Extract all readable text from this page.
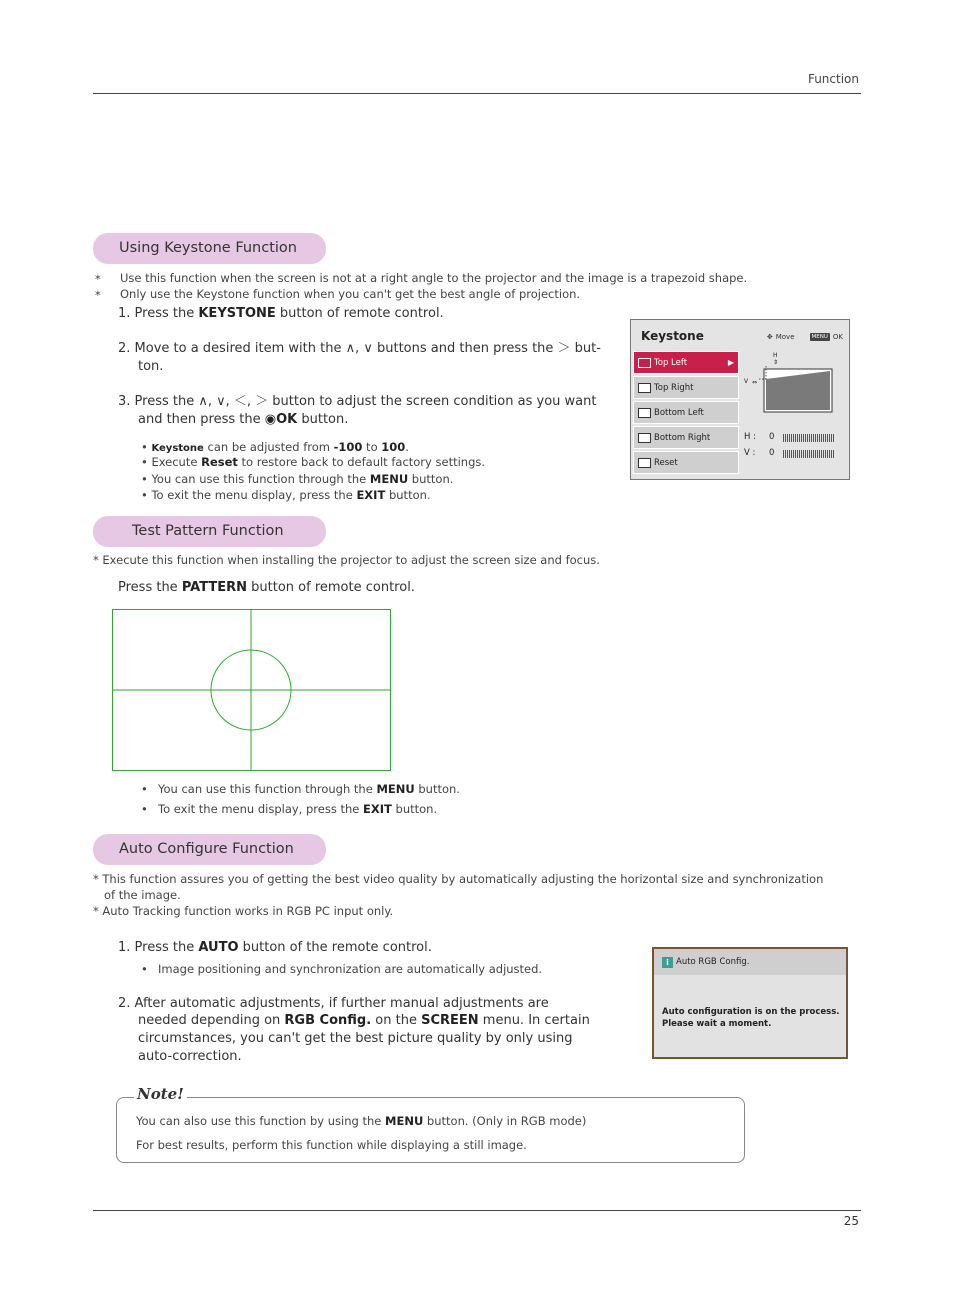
Function
Using Keystone Function
* Use this function when the screen is not at a right angle to the projector and the image is a trapezoid shape.
* Only use the Keystone function when you can't get the best angle of projection.
1. Press the KEYSTONE button of remote control.
2. Move to a desired item with the ∧, ∨ buttons and then press the ＞ but-
ton.
3. Press the ∧, ∨, ＜, ＞ button to adjust the screen condition as you want
and then press the ◉OK button.
• Keystone can be adjusted from -100 to 100.
• Execute Reset to restore back to default factory settings.
• You can use this function through the MENU button.
• To exit the menu display, press the EXIT button.
Keystone	✥ Move	MENU OK
Top Left	▶
Top Right
Bottom Left
Bottom Right
Reset
H
⇕
V ⇔
H : 0
V : 0
Test Pattern Function
* Execute this function when installing the projector to adjust the screen size and focus.
Press the PATTERN button of remote control.
• You can use this function through the MENU button.
• To exit the menu display, press the EXIT button.
Auto Configure Function
* This function assures you of getting the best video quality by automatically adjusting the horizontal size and synchronization
of the image.
* Auto Tracking function works in RGB PC input only.
1. Press the AUTO button of the remote control.
• Image positioning and synchronization are automatically adjusted.
2. After automatic adjustments, if further manual adjustments are
needed depending on RGB Config. on the SCREEN menu. In certain
circumstances, you can't get the best picture quality by only using
auto-correction.
i Auto RGB Config.
Auto configuration is on the process.
Please wait a moment.
Note!
You can also use this function by using the MENU button. (Only in RGB mode)
For best results, perform this function while displaying a still image.
25
